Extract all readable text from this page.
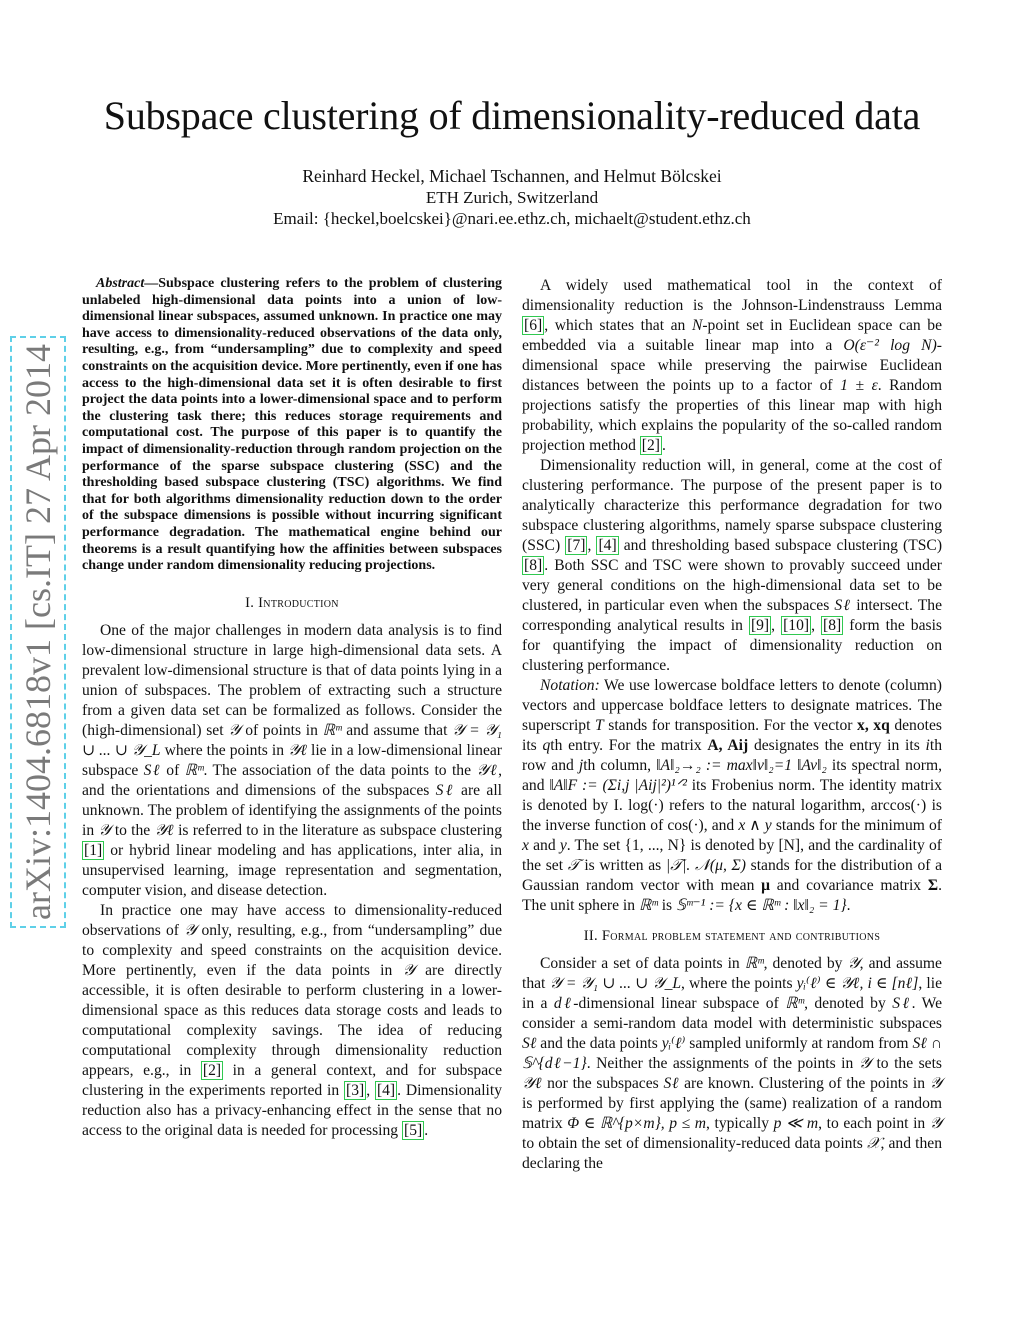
Subspace clustering of dimensionality-reduced data
Reinhard Heckel, Michael Tschannen, and Helmut Bölcskei
ETH Zurich, Switzerland
Email: {heckel,boelcskei}@nari.ee.ethz.ch, michaelt@student.ethz.ch
arXiv:1404.6818v1 [cs.IT] 27 Apr 2014

Abstract—Subspace clustering refers to the problem of clustering unlabeled high-dimensional data points into a union of low-dimensional linear subspaces, assumed unknown. In practice one may have access to dimensionality-reduced observations of the data only, resulting, e.g., from “undersampling” due to complexity and speed constraints on the acquisition device. More pertinently, even if one has access to the high-dimensional data set it is often desirable to first project the data points into a lower-dimensional space and to perform the clustering task there; this reduces storage requirements and computational cost. The purpose of this paper is to quantify the impact of dimensionality-reduction through random projection on the performance of the sparse subspace clustering (SSC) and the thresholding based subspace clustering (TSC) algorithms. We find that for both algorithms dimensionality reduction down to the order of the subspace dimensions is possible without incurring significant performance degradation. The mathematical engine behind our theorems is a result quantifying how the affinities between subspaces change under random dimensionality reducing projections.

I. Introduction

One of the major challenges in modern data analysis is to find low-dimensional structure in large high-dimensional data sets. A prevalent low-dimensional structure is that of data points lying in a union of subspaces. The problem of extracting such a structure from a given data set can be formalized as follows. Consider the (high-dimensional) set 𝒴 of points in ℝᵐ and assume that 𝒴 = 𝒴₁ ∪ ... ∪ 𝒴_L where the points in 𝒴ℓ lie in a low-dimensional linear subspace Sℓ of ℝᵐ. The association of the data points to the 𝒴ℓ, and the orientations and dimensions of the subspaces Sℓ are all unknown. The problem of identifying the assignments of the points in 𝒴 to the 𝒴ℓ is referred to in the literature as subspace clustering [1] or hybrid linear modeling and has applications, inter alia, in unsupervised learning, image representation and segmentation, computer vision, and disease detection.

In practice one may have access to dimensionality-reduced observations of 𝒴 only, resulting, e.g., from “undersampling” due to complexity and speed constraints on the acquisition device. More pertinently, even if the data points in 𝒴 are directly accessible, it is often desirable to perform clustering in a lower-dimensional space as this reduces data storage costs and leads to computational complexity savings. The idea of reducing computational complexity through dimensionality reduction appears, e.g., in [2] in a general context, and for subspace clustering in the experiments reported in [3] , [4] . Dimensionality reduction also has a privacy-enhancing effect in the sense that no access to the original data is needed for processing [5] .

A widely used mathematical tool in the context of dimensionality reduction is the Johnson-Lindenstrauss Lemma [6] , which states that an N-point set in Euclidean space can be embedded via a suitable linear map into a O(ε⁻² log N)-dimensional space while preserving the pairwise Euclidean distances between the points up to a factor of 1 ± ε. Random projections satisfy the properties of this linear map with high probability, which explains the popularity of the so-called random projection method [2] .

Dimensionality reduction will, in general, come at the cost of clustering performance. The purpose of the present paper is to analytically characterize this performance degradation for two subspace clustering algorithms, namely sparse subspace clustering (SSC) [7] , [4] and thresholding based subspace clustering (TSC) [8] . Both SSC and TSC were shown to provably succeed under very general conditions on the high-dimensional data set to be clustered, in particular even when the subspaces Sℓ intersect. The corresponding analytical results in [9] , [10] , [8] form the basis for quantifying the impact of dimensionality reduction on clustering performance.

Notation: We use lowercase boldface letters to denote (column) vectors and uppercase boldface letters to designate matrices. The superscript T stands for transposition. For the vector x, xq denotes its qth entry. For the matrix A, Aij designates the entry in its ith row and jth column, ‖A‖₂→₂ := max‖v‖₂=1 ‖Av‖₂ its spectral norm, and ‖A‖F := (Σi,j |Aij|²)¹ᐟ² its Frobenius norm. The identity matrix is denoted by I. log(·) refers to the natural logarithm, arccos(·) is the inverse function of cos(·), and x ∧ y stands for the minimum of x and y. The set {1, ..., N} is denoted by [N], and the cardinality of the set 𝒯 is written as |𝒯|. 𝒩(μ, Σ) stands for the distribution of a Gaussian random vector with mean μ and covariance matrix Σ. The unit sphere in ℝᵐ is 𝕊ᵐ⁻¹ := {x ∈ ℝᵐ : ‖x‖₂ = 1}.

II. Formal problem statement and contributions

Consider a set of data points in ℝᵐ, denoted by 𝒴, and assume that 𝒴 = 𝒴₁ ∪ ... ∪ 𝒴_L, where the points yᵢ⁽ℓ⁾ ∈ 𝒴ℓ, i ∈ [nℓ], lie in a dℓ-dimensional linear subspace of ℝᵐ, denoted by Sℓ. We consider a semi-random data model with deterministic subspaces Sℓ and the data points yᵢ⁽ℓ⁾ sampled uniformly at random from Sℓ ∩ 𝕊^{dℓ−1}. Neither the assignments of the points in 𝒴 to the sets 𝒴ℓ nor the subspaces Sℓ are known. Clustering of the points in 𝒴 is performed by first applying the (same) realization of a random matrix Φ ∈ ℝ^{p×m}, p ≤ m, typically p ≪ m, to each point in 𝒴 to obtain the set of dimensionality-reduced data points 𝒳, and then declaring the
